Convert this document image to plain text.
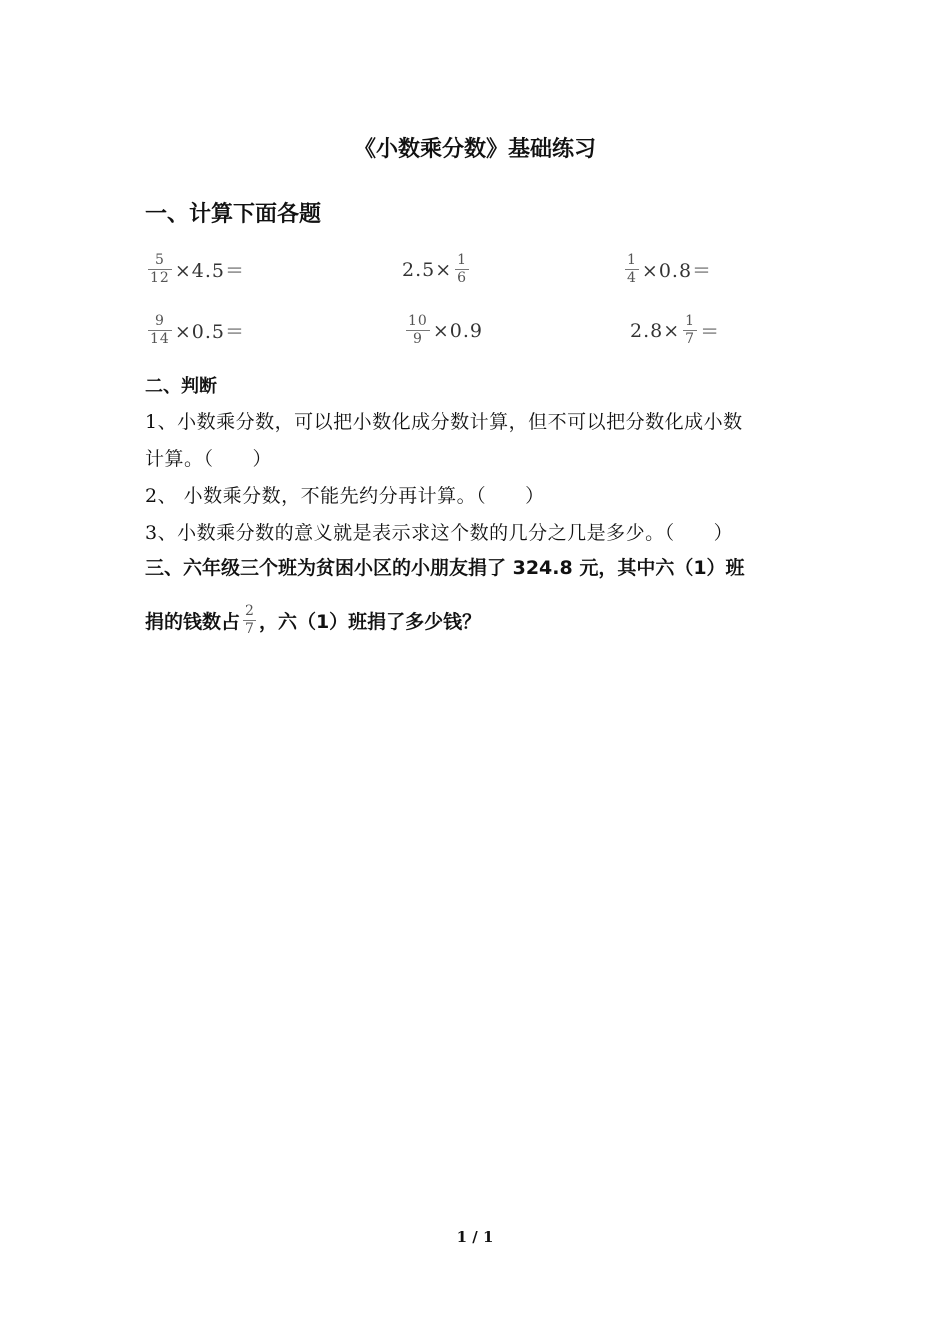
《小数乘分数》基础练习
一、计算下面各题
$\frac{5}{12} \times 4.5=$	$2.5\times \frac{1}{6}$	$\frac{1}{4} \times 0.8=$
$\frac{9}{14} \times 0.5=$	$\frac{10}{9} \times 0.9$	$2.8\times \frac{1}{7}$ ＝
二、判断
1、小数乘分数，可以把小数化成分数计算，但不可以把分数化成小数
计算。（　　）
2、 小数乘分数，不能先约分再计算。（　　）
3、小数乘分数的意义就是表示求这个数的几分之几是多少。（　　）
三、六年级三个班为贫困小区的小朋友捐了 324.8 元，其中六（1）班
捐的钱数占 $\frac{2}{7}$ ，六（1）班捐了多少钱？
1 / 1
